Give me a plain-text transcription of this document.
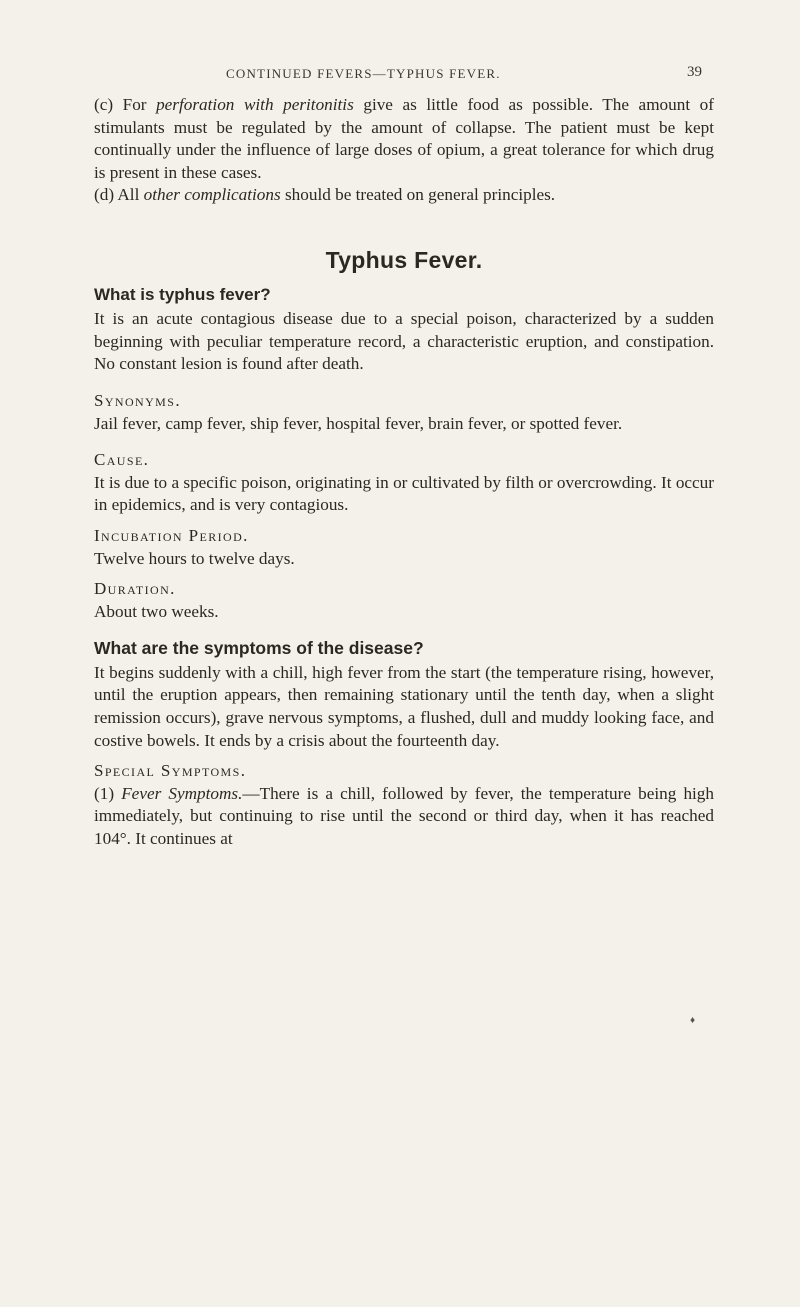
CONTINUED FEVERS—TYPHUS FEVER.	39

(c) For perforation with peritonitis give as little food as possible. The amount of stimulants must be regulated by the amount of collapse. The patient must be kept continually under the influence of large doses of opium, a great tolerance for which drug is present in these cases.

(d) All other complications should be treated on general principles.

Typhus Fever.
What is typhus fever?

It is an acute contagious disease due to a special poison, characterized by a sudden beginning with peculiar temperature record, a characteristic eruption, and constipation. No constant lesion is found after death.

Synonyms.

Jail fever, camp fever, ship fever, hospital fever, brain fever, or spotted fever.

Cause.

It is due to a specific poison, originating in or cultivated by filth or overcrowding. It occur in epidemics, and is very contagious.

Incubation Period.

Twelve hours to twelve days.

Duration.

About two weeks.

What are the symptoms of the disease?

It begins suddenly with a chill, high fever from the start (the temperature rising, however, until the eruption appears, then remaining stationary until the tenth day, when a slight remission occurs), grave nervous symptoms, a flushed, dull and muddy looking face, and costive bowels. It ends by a crisis about the fourteenth day.

Special Symptoms.

(1) Fever Symptoms.—There is a chill, followed by fever, the temperature being high immediately, but continuing to rise until the second or third day, when it has reached 104°. It continues at

♦
